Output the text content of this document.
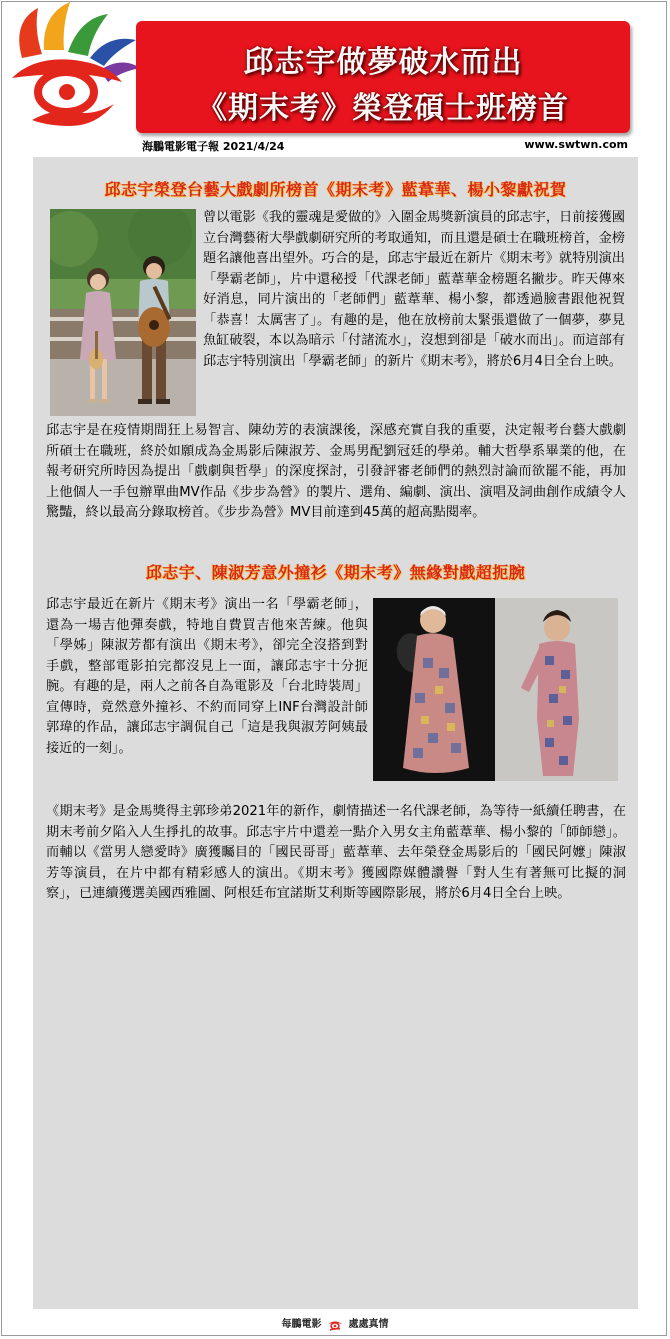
邱志宇做夢破水而出
《期末考》榮登碩士班榜首
海鵬電影電子報 2021/4/24	www.swtwn.com
邱志宇榮登台藝大戲劇所榜首《期末考》藍葦華、楊小黎獻祝賀
曾以電影《我的靈魂是愛做的》入圍金馬獎新演員的邱志宇，日前接獲國立台灣藝術大學戲劇研究所的考取通知，而且還是碩士在職班榜首，金榜題名讓他喜出望外。巧合的是，邱志宇最近在新片《期末考》就特別演出「學霸老師」，片中還秘授「代課老師」藍葦華金榜題名撇步。昨天傳來好消息，同片演出的「老師們」藍葦華、楊小黎，都透過臉書跟他祝賀「恭喜！太厲害了」。有趣的是，他在放榜前太緊張還做了一個夢，夢見魚缸破裂，本以為暗示「付諸流水」，沒想到卻是「破水而出」。而這部有邱志宇特別演出「學霸老師」的新片《期末考》，將於6月4日全台上映。
邱志宇是在疫情期間狂上易智言、陳幼芳的表演課後，深感充實自我的重要，決定報考台藝大戲劇所碩士在職班，終於如願成為金馬影后陳淑芳、金馬男配劉冠廷的學弟。輔大哲學系畢業的他，在報考研究所時因為提出「戲劇與哲學」的深度探討，引發評審老師們的熱烈討論而欲罷不能，再加上他個人一手包辦單曲MV作品《步步為營》的製片、選角、編劇、演出、演唱及詞曲創作成績令人驚豔，終以最高分錄取榜首。《步步為營》MV目前達到45萬的超高點閱率。
邱志宇、陳淑芳意外撞衫《期末考》無緣對戲超扼腕
邱志宇最近在新片《期末考》演出一名「學霸老師」，還為一場吉他彈奏戲，特地自費買吉他來苦練。他與「學姊」陳淑芳都有演出《期末考》，卻完全沒搭到對手戲，整部電影拍完都沒見上一面，讓邱志宇十分扼腕。有趣的是，兩人之前各自為電影及「台北時裝周」宣傳時，竟然意外撞衫、不約而同穿上INF台灣設計師郭瑋的作品，讓邱志宇調侃自己「這是我與淑芳阿姨最接近的一刻」。
《期末考》是金馬獎得主郭珍弟2021年的新作，劇情描述一名代課老師，為等待一紙續任聘書，在期末考前夕陷入人生掙扎的故事。邱志宇片中還差一點介入男女主角藍葦華、楊小黎的「師師戀」。而輔以《當男人戀愛時》廣獲矚目的「國民哥哥」藍葦華、去年榮登金馬影后的「國民阿嬤」陳淑芳等演員，在片中都有精彩感人的演出。《期末考》獲國際媒體讚譽「對人生有著無可比擬的洞察」，已連續獲選美國西雅圖、阿根廷布宜諾斯艾利斯等國際影展，將於6月4日全台上映。
每鵬電影	處處真情
